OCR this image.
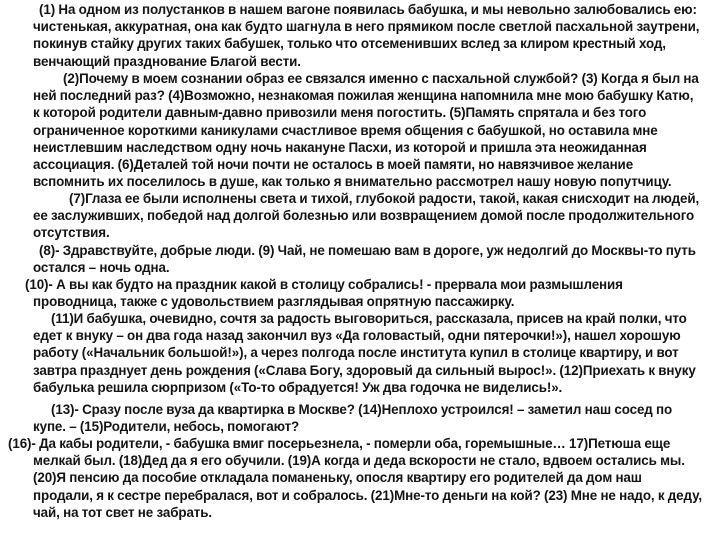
(1) На одном из полустанков в нашем вагоне появилась бабушка, и мы невольно залюбовались ею: чистенькая, аккуратная, она как будто шагнула в него прямиком после светлой пасхальной заутрени, покинув стайку других таких бабушек, только что отсеменивших вслед за клиром крестный ход, венчающий празднование Благой вести.

(2)Почему в моем сознании образ ее связался именно с пасхальной службой? (3) Когда я был на ней последний раз? (4)Возможно, незнакомая пожилая женщина напомнила мне мою бабушку Катю, к которой родители давным-давно привозили меня погостить. (5)Память спрятала и без того ограниченное короткими каникулами счастливое время общения с бабушкой, но оставила мне неистлевшим наследством одну ночь накануне Пасхи, из которой и пришла эта неожиданная ассоциация. (6)Деталей той ночи почти не осталось в моей памяти, но навязчивое желание вспомнить их поселилось в душе, как только я внимательно рассмотрел нашу новую попутчицу.

(7)Глаза ее были исполнены света и тихой, глубокой радости, такой, какая снисходит на людей, ее заслуживших, победой над долгой болезнью или возвращением домой после продолжительного отсутствия.

(8)- Здравствуйте, добрые люди. (9) Чай, не помешаю вам в дороге, уж недолгий до Москвы-то путь остался – ночь одна.

(10)- А вы как будто на праздник какой в столицу собрались! - прервала мои размышления проводница, также с удовольствием разглядывая опрятную пассажирку.

(11)И бабушка, очевидно, сочтя за радость выговориться, рассказала, присев на край полки, что едет к внуку – он два года назад закончил вуз «Да головастый, одни пятерочки!»), нашел хорошую работу («Начальник большой!»), а через полгода после института купил в столице квартиру, и вот завтра празднует день рождения («Слава Богу, здоровый да сильный вырос!». (12)Приехать к внуку бабулька решила сюрпризом («То-то обрадуется! Уж два годочка не виделись!».

(13)- Сразу после вуза да квартирка в Москве? (14)Неплохо устроился! – заметил наш сосед по купе. – (15)Родители, небось, помогают?

(16)- Да кабы родители, - бабушка вмиг посерьезнела, - померли оба, горемышные… 17)Петюша еще мелкай был. (18)Дед да я его обучили. (19)А когда и деда вскорости не стало, вдвоем остались мы. (20)Я пенсию да пособие откладала поманеньку, опосля квартиру его родителей да дом наш продали, я к сестре перебралася, вот и собралось. (21)Мне-то деньги на кой? (23) Мне не надо, к деду, чай, на тот свет не забрать.
